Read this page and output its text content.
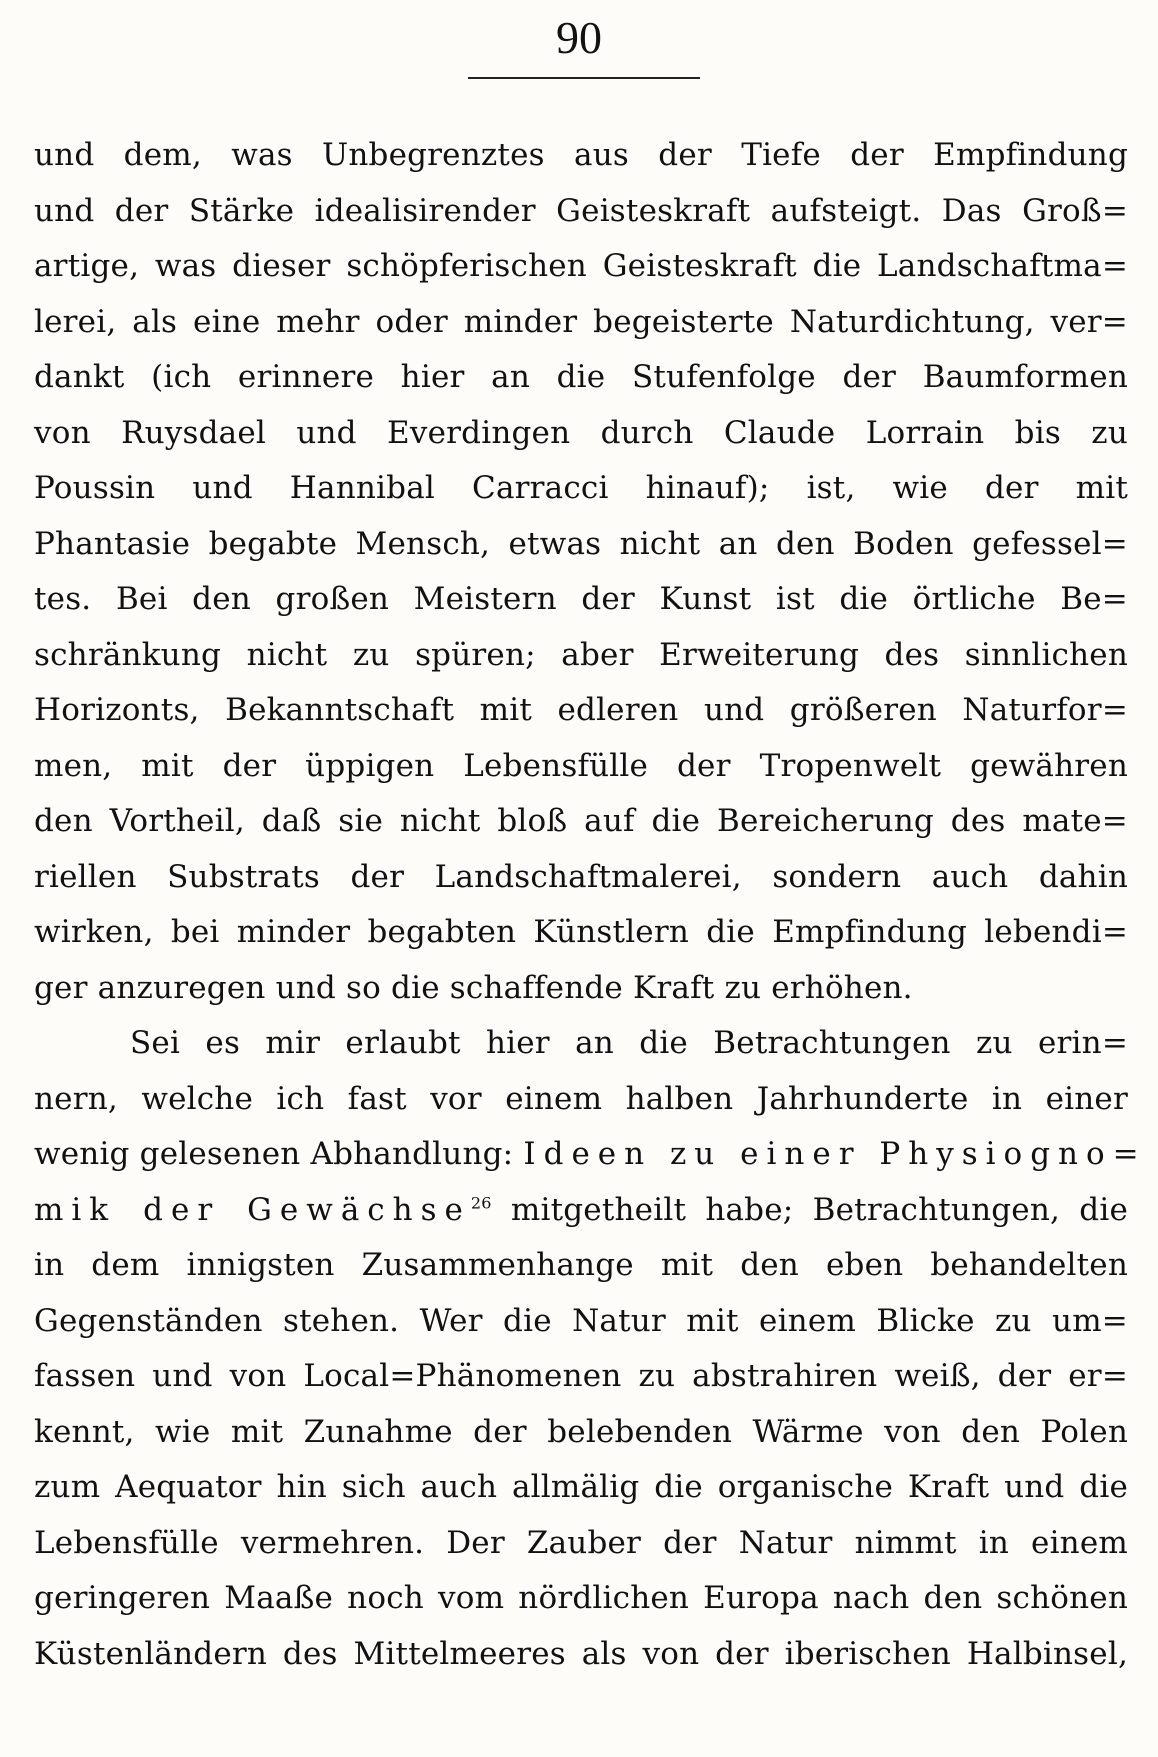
90
und dem, was Unbegrenztes aus der Tiefe der Empfindung
und der Stärke idealisirender Geisteskraft aufsteigt. Das Groß=
artige, was dieser schöpferischen Geisteskraft die Landschaftma=
lerei, als eine mehr oder minder begeisterte Naturdichtung, ver=
dankt (ich erinnere hier an die Stufenfolge der Baumformen
von Ruysdael und Everdingen durch Claude Lorrain bis zu
Poussin und Hannibal Carracci hinauf); ist, wie der mit
Phantasie begabte Mensch, etwas nicht an den Boden gefessel=
tes. Bei den großen Meistern der Kunst ist die örtliche Be=
schränkung nicht zu spüren; aber Erweiterung des sinnlichen
Horizonts, Bekanntschaft mit edleren und größeren Naturfor=
men, mit der üppigen Lebensfülle der Tropenwelt gewähren
den Vortheil, daß sie nicht bloß auf die Bereicherung des mate=
riellen Substrats der Landschaftmalerei, sondern auch dahin
wirken, bei minder begabten Künstlern die Empfindung lebendi=
ger anzuregen und so die schaffende Kraft zu erhöhen.
Sei es mir erlaubt hier an die Betrachtungen zu erin=
nern, welche ich fast vor einem halben Jahrhunderte in einer
wenig gelesenen Abhandlung: Ideen zu einer Physiogno=
mik der Gewächse$^{26}$ mitgetheilt habe; Betrachtungen, die
in dem innigsten Zusammenhange mit den eben behandelten
Gegenständen stehen. Wer die Natur mit einem Blicke zu um=
fassen und von Local=Phänomenen zu abstrahiren weiß, der er=
kennt, wie mit Zunahme der belebenden Wärme von den Polen
zum Aequator hin sich auch allmälig die organische Kraft und die
Lebensfülle vermehren. Der Zauber der Natur nimmt in einem
geringeren Maaße noch vom nördlichen Europa nach den schönen
Küstenländern des Mittelmeeres als von der iberischen Halbinsel,
